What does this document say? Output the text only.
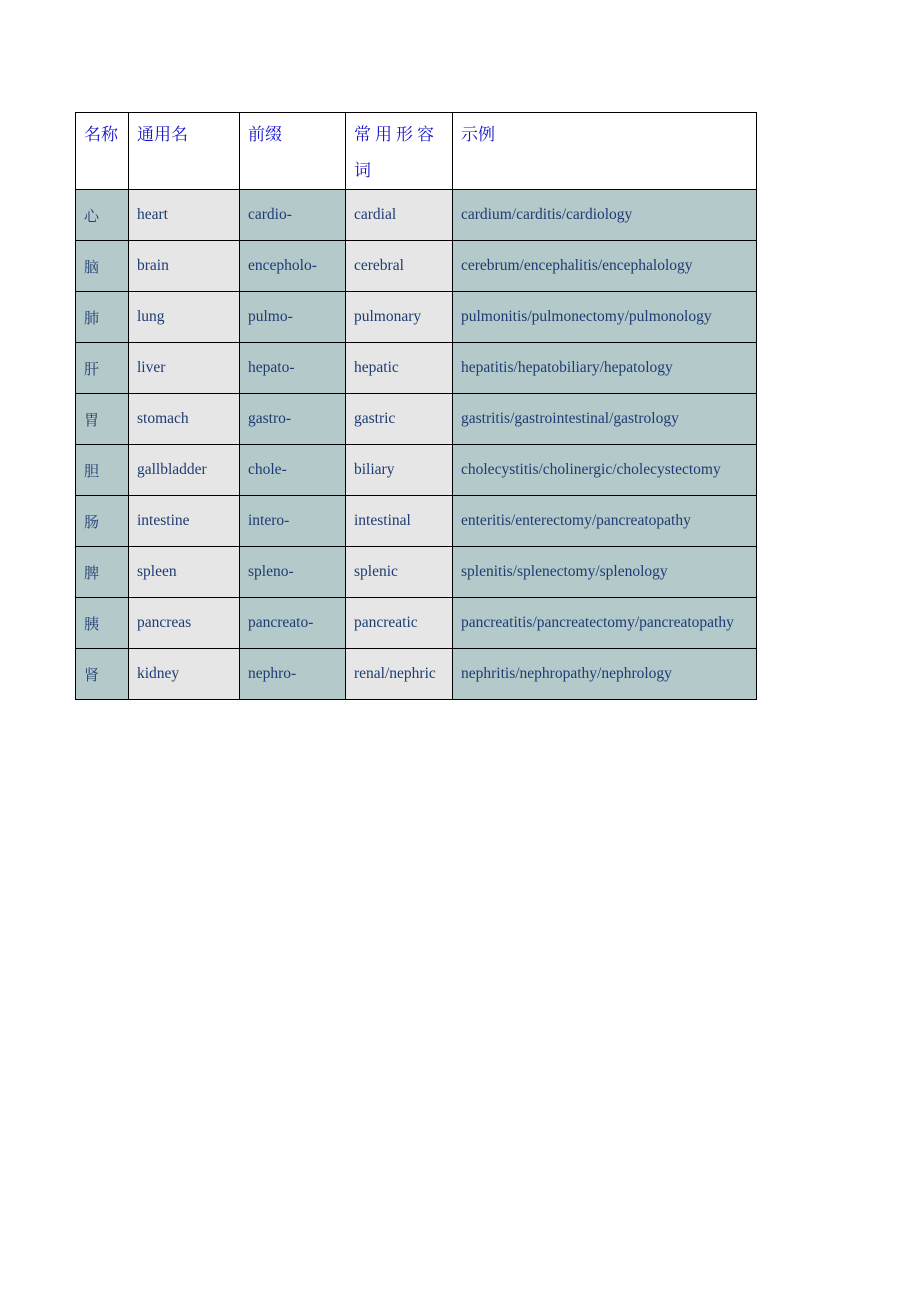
名称	通用名	前缀	常用形容词	示例
心	heart	cardio-	cardial	cardium/carditis/cardiology
脑	brain	encepholo-	cerebral	cerebrum/encephalitis/encephalology
肺	lung	pulmo-	pulmonary	pulmonitis/pulmonectomy/pulmonology
肝	liver	hepato-	hepatic	hepatitis/hepatobiliary/hepatology
胃	stomach	gastro-	gastric	gastritis/gastrointestinal/gastrology
胆	gallbladder	chole-	biliary	cholecystitis/cholinergic/cholecystectomy
肠	intestine	intero-	intestinal	enteritis/enterectomy/pancreatopathy
脾	spleen	spleno-	splenic	splenitis/splenectomy/splenology
胰	pancreas	pancreato-	pancreatic	pancreatitis/pancreatectomy/pancreatopathy
肾	kidney	nephro-	renal/nephric	nephritis/nephropathy/nephrology
